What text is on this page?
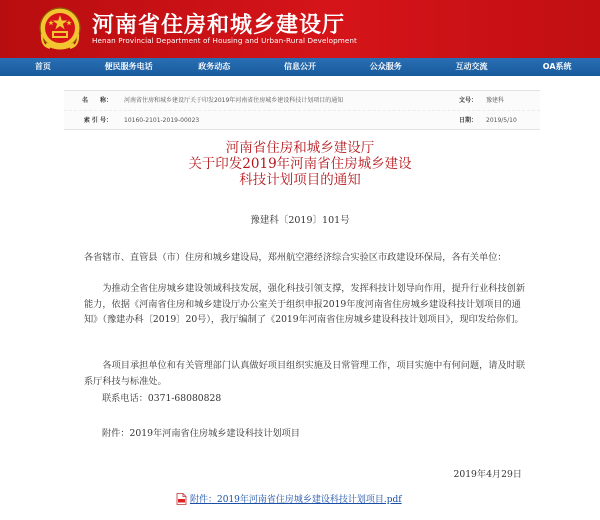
河南省住房和城乡建设厅
Henan Provincial Department of Housing and Urban-Rural Development
首页	便民服务电话	政务动态	信息公开	公众服务	互动交流	OA系统
名　　称： 河南省住房和城乡建设厅关于印发2019年河南省住房城乡建设科技计划项目的通知	文号： 豫建科
索 引 号： 10160-2101-2019-00023	日期： 2019/5/10
河南省住房和城乡建设厅
关于印发2019年河南省住房城乡建设
科技计划项目的通知
豫建科〔2019〕101号
各省辖市、直管县（市）住房和城乡建设局，郑州航空港经济综合实验区市政建设环保局，各有关单位：
为推动全省住房城乡建设领域科技发展，强化科技引领支撑，发挥科技计划导向作用，提升行业科技创新能力，依据《河南省住房和城乡建设厅办公室关于组织申报2019年度河南省住房城乡建设科技计划项目的通知》（豫建办科〔2019〕20号），我厅编制了《2019年河南省住房城乡建设科技计划项目》，现印发给你们。
各项目承担单位和有关管理部门认真做好项目组织实施及日常管理工作，项目实施中有何问题，请及时联系厅科技与标准处。
联系电话：0371-68080828
附件：2019年河南省住房城乡建设科技计划项目
2019年4月29日
附件：2019年河南省住房城乡建设科技计划项目.pdf
